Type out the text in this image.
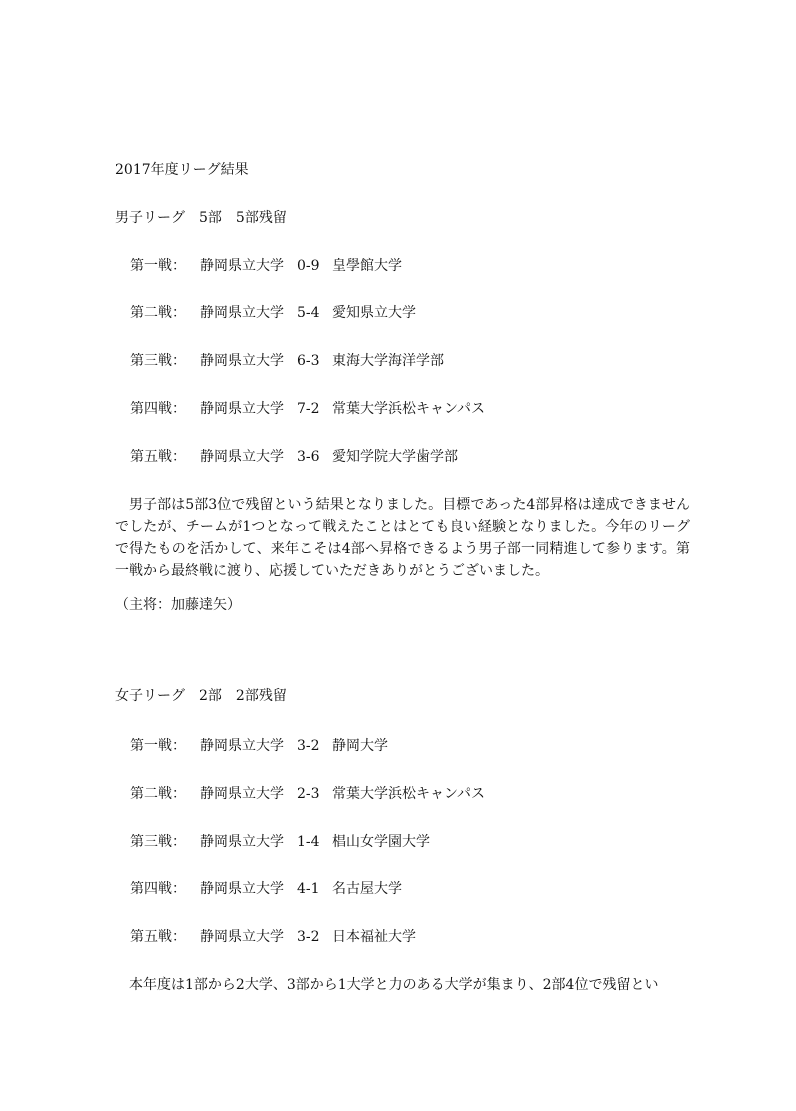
2017年度リーグ結果
男子リーグ　5部　5部残留
第一戦： 静岡県立大学 0-9 皇學館大学
第二戦： 静岡県立大学 5-4 愛知県立大学
第三戦： 静岡県立大学 6-3 東海大学海洋学部
第四戦： 静岡県立大学 7-2 常葉大学浜松キャンパス
第五戦： 静岡県立大学 3-6 愛知学院大学歯学部

男子部は5部3位で残留という結果となりました。目標であった4部昇格は達成できませんでしたが、チームが1つとなって戦えたことはとても良い経験となりました。今年のリーグで得たものを活かして、来年こそは4部へ昇格できるよう男子部一同精進して参ります。第一戦から最終戦に渡り、応援していただきありがとうございました。

（主将：加藤達矢）
女子リーグ　2部　2部残留
第一戦： 静岡県立大学 3-2 静岡大学
第二戦： 静岡県立大学 2-3 常葉大学浜松キャンパス
第三戦： 静岡県立大学 1-4 椙山女学園大学
第四戦： 静岡県立大学 4-1 名古屋大学
第五戦： 静岡県立大学 3-2 日本福祉大学

本年度は1部から2大学、3部から1大学と力のある大学が集まり、2部4位で残留とい
